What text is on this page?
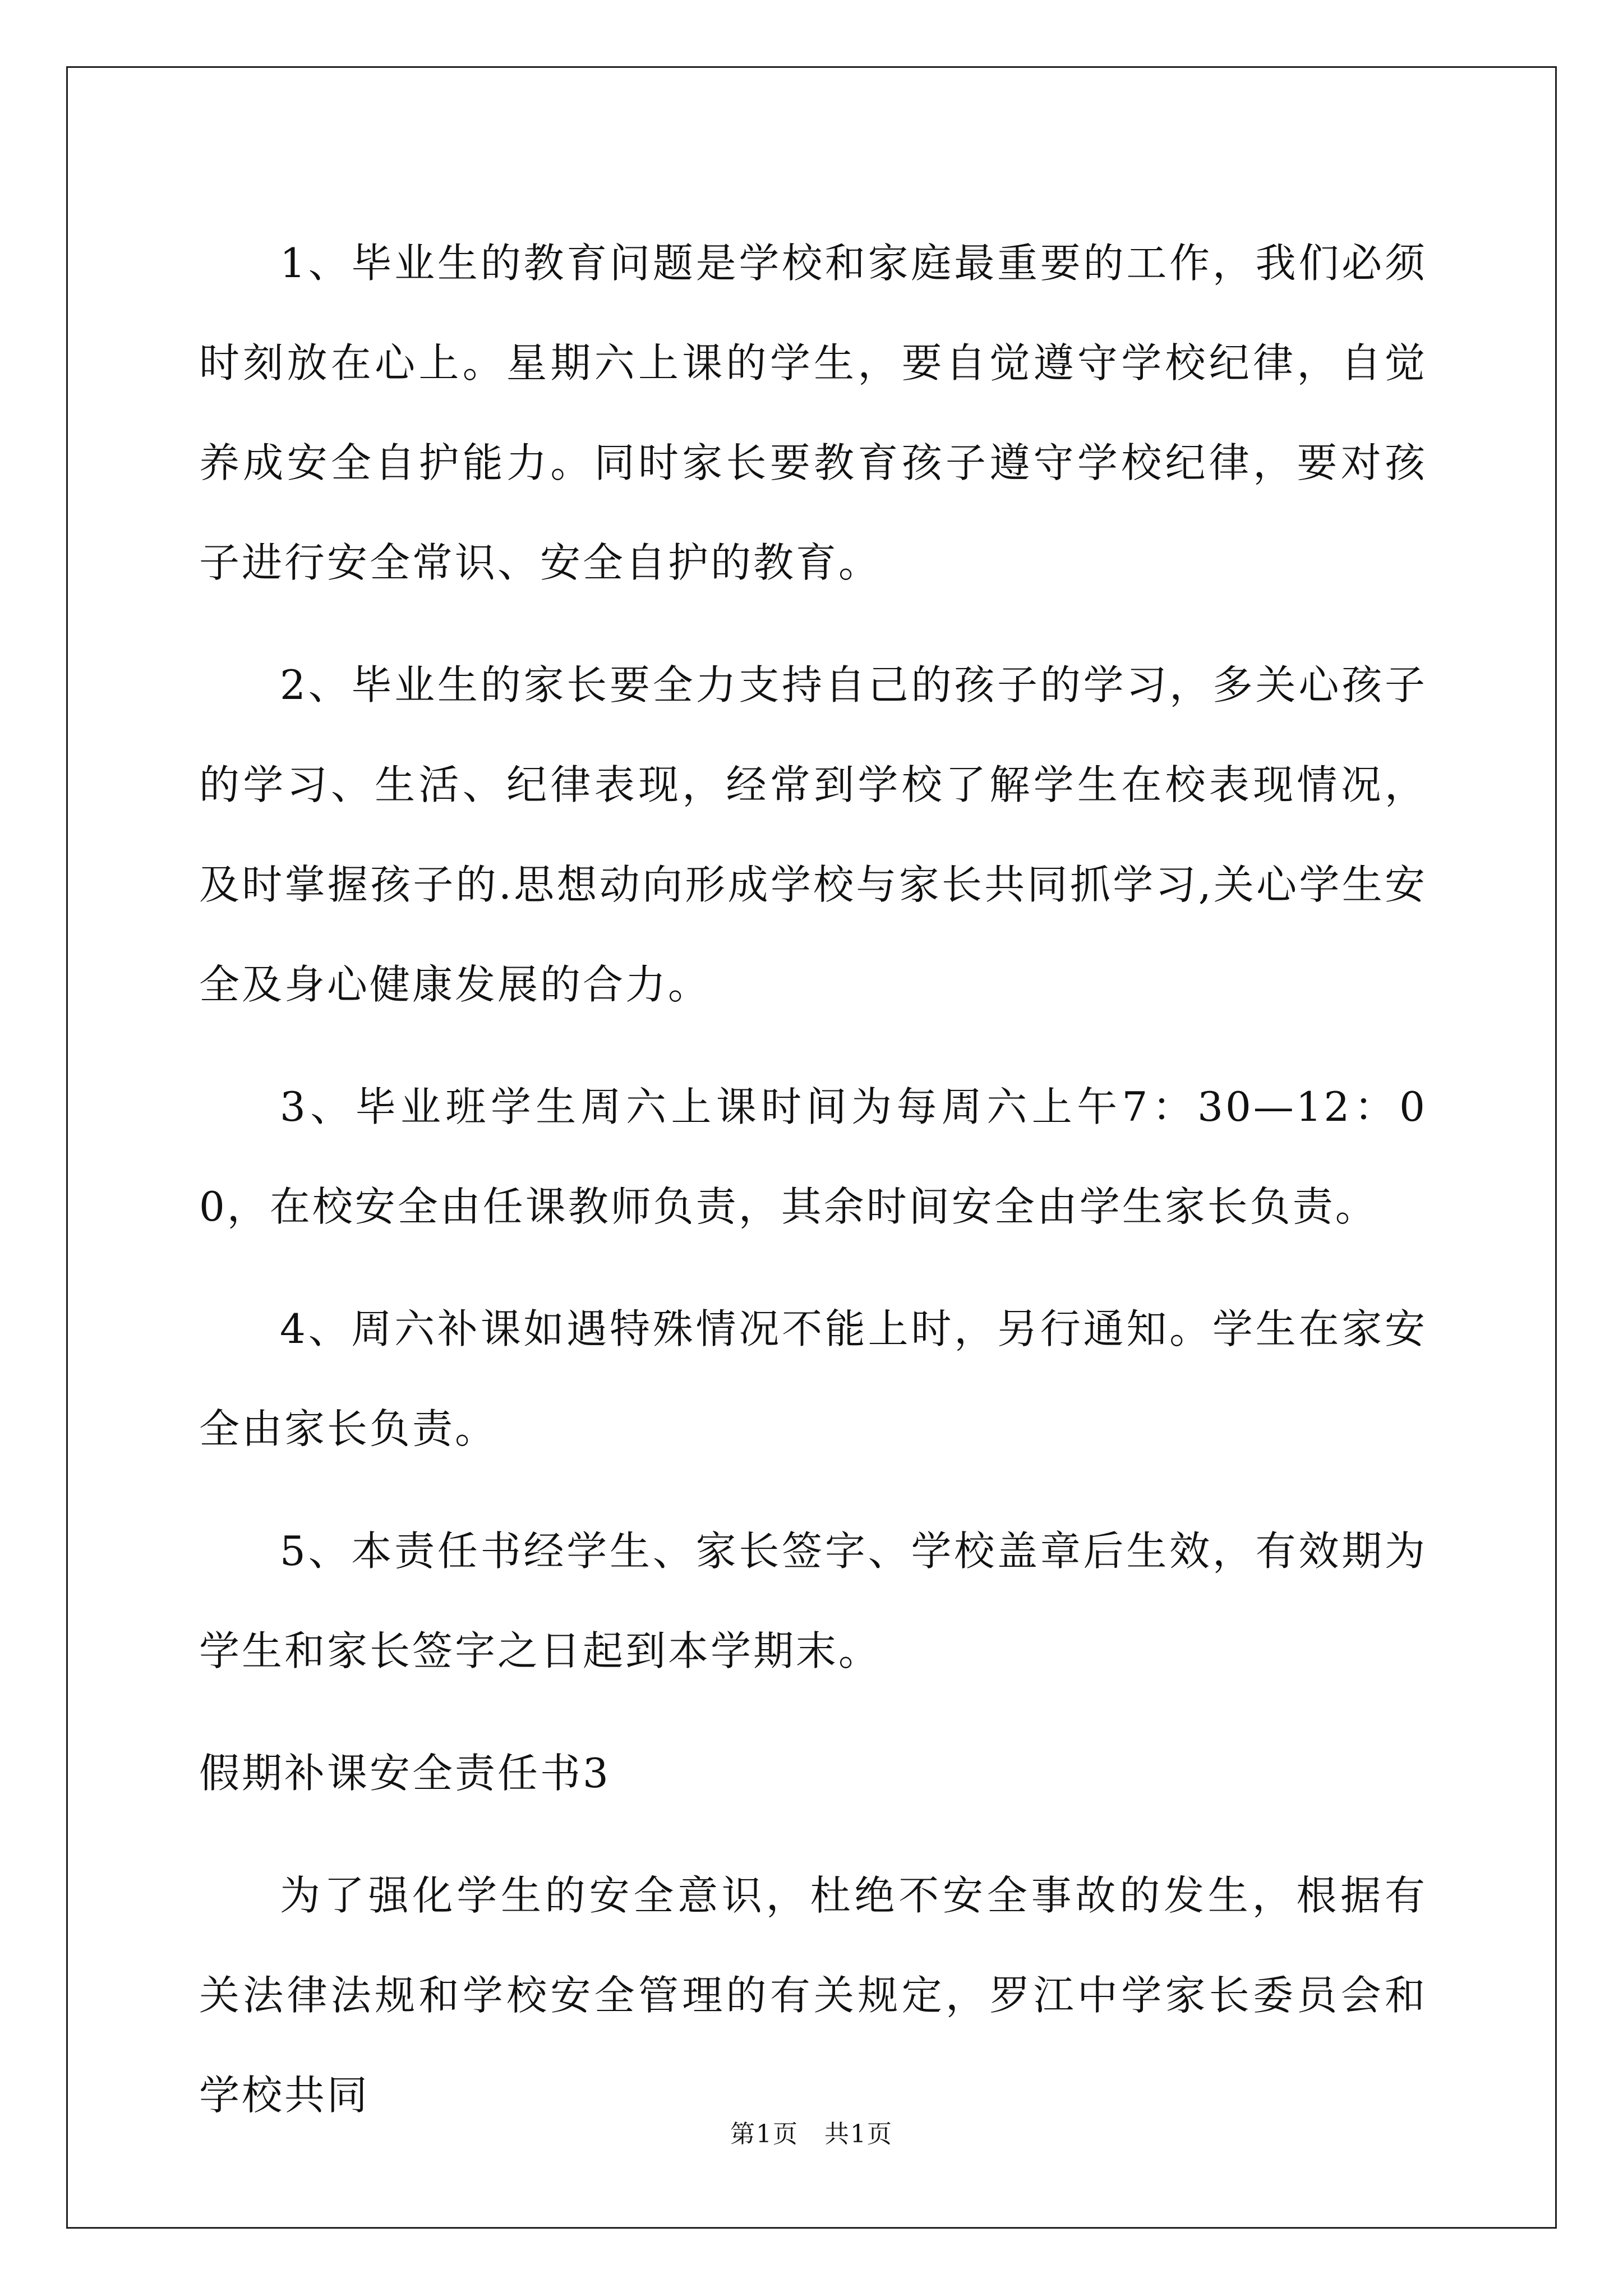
1、毕业生的教育问题是学校和家庭最重要的工作，我们必须时刻放在心上。星期六上课的学生，要自觉遵守学校纪律，自觉养成安全自护能力。同时家长要教育孩子遵守学校纪律，要对孩子进行安全常识、安全自护的教育。

2、毕业生的家长要全力支持自己的孩子的学习，多关心孩子的学习、生活、纪律表现，经常到学校了解学生在校表现情况，及时掌握孩子的.思想动向形成学校与家长共同抓学习,关心学生安全及身心健康发展的合力。

3、毕业班学生周六上课时间为每周六上午7：30—12：00，在校安全由任课教师负责，其余时间安全由学生家长负责。

4、周六补课如遇特殊情况不能上时，另行通知。学生在家安全由家长负责。

5、本责任书经学生、家长签字、学校盖章后生效，有效期为学生和家长签字之日起到本学期末。

假期补课安全责任书3

为了强化学生的安全意识，杜绝不安全事故的发生，根据有关法律法规和学校安全管理的有关规定，罗江中学家长委员会和学校共同

第1页　共1页
